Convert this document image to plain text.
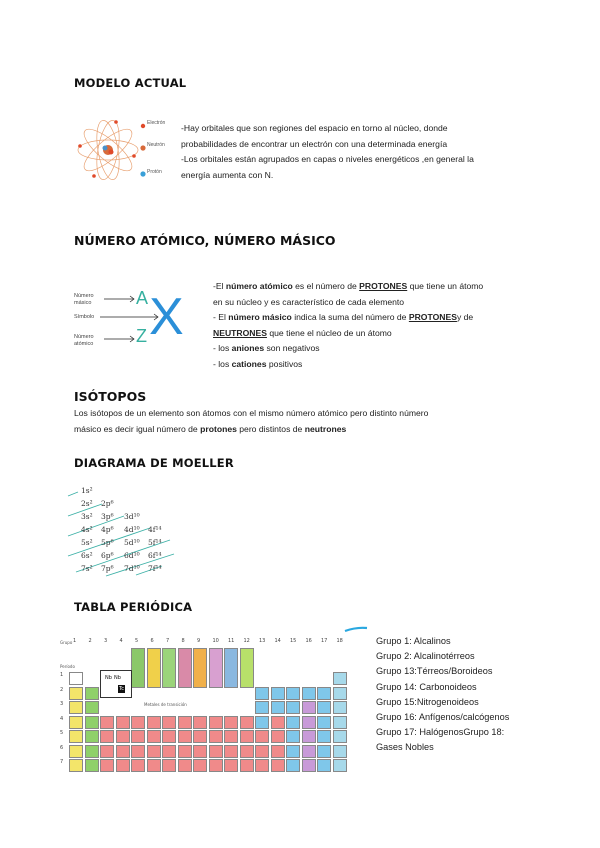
MODELO ACTUAL
Electrón
Neutrón
Protón
-Hay orbitales que son regiones del espacio en torno al núcleo, donde
probabilidades de encontrar un electrón con una determinada energía
-Los orbitales están agrupados en capas o niveles energéticos ,en general la
energía aumenta con N.
NÚMERO ATÓMICO, NÚMERO MÁSICO
Número
másico
Símbolo
Número
atómico
A
Z X
-El número atómico es el número de PROTONES que tiene un átomo
en su núcleo y es característico de cada elemento
- El número másico indica la suma del número de PROTONESy de
NEUTRONES que tiene el núcleo de un átomo
- los aniones son negativos
- los cationes positivos
ISÓTOPOS
Los isótopos de un elemento son átomos con el mismo número atómico pero distinto número
másico es decir igual número de protones pero distintos de neutrones
DIAGRAMA DE MOELLER
1s²
2s² 2p⁶
3s² 3p⁶ 3d¹⁰
4s² 4p⁶ 4d¹⁰ 4f¹⁴
5s² 5p⁶ 5d¹⁰ 5f¹⁴
6s² 6p⁶ 6d¹⁰ 6f¹⁴
7s² 7p⁶ 7d¹⁰ 7f¹⁴
TABLA PERIÓDICA
Grupo
Período
Metales de transición
1 2 3 4 5 6 7 8 9 10 11 12 13 14 15 16 17 18
1
2
3
4
5
6
7
Nb Nb
Tc
Grupo 1: Alcalinos
Grupo 2: Alcalinotérreos
Grupo 13:Térreos/Boroideos
Grupo 14: Carbonoideos
Grupo 15:Nitrogenoideos
Grupo 16: Anfígenos/calcógenos
Grupo 17: HalógenosGrupo 18:
Gases Nobles
